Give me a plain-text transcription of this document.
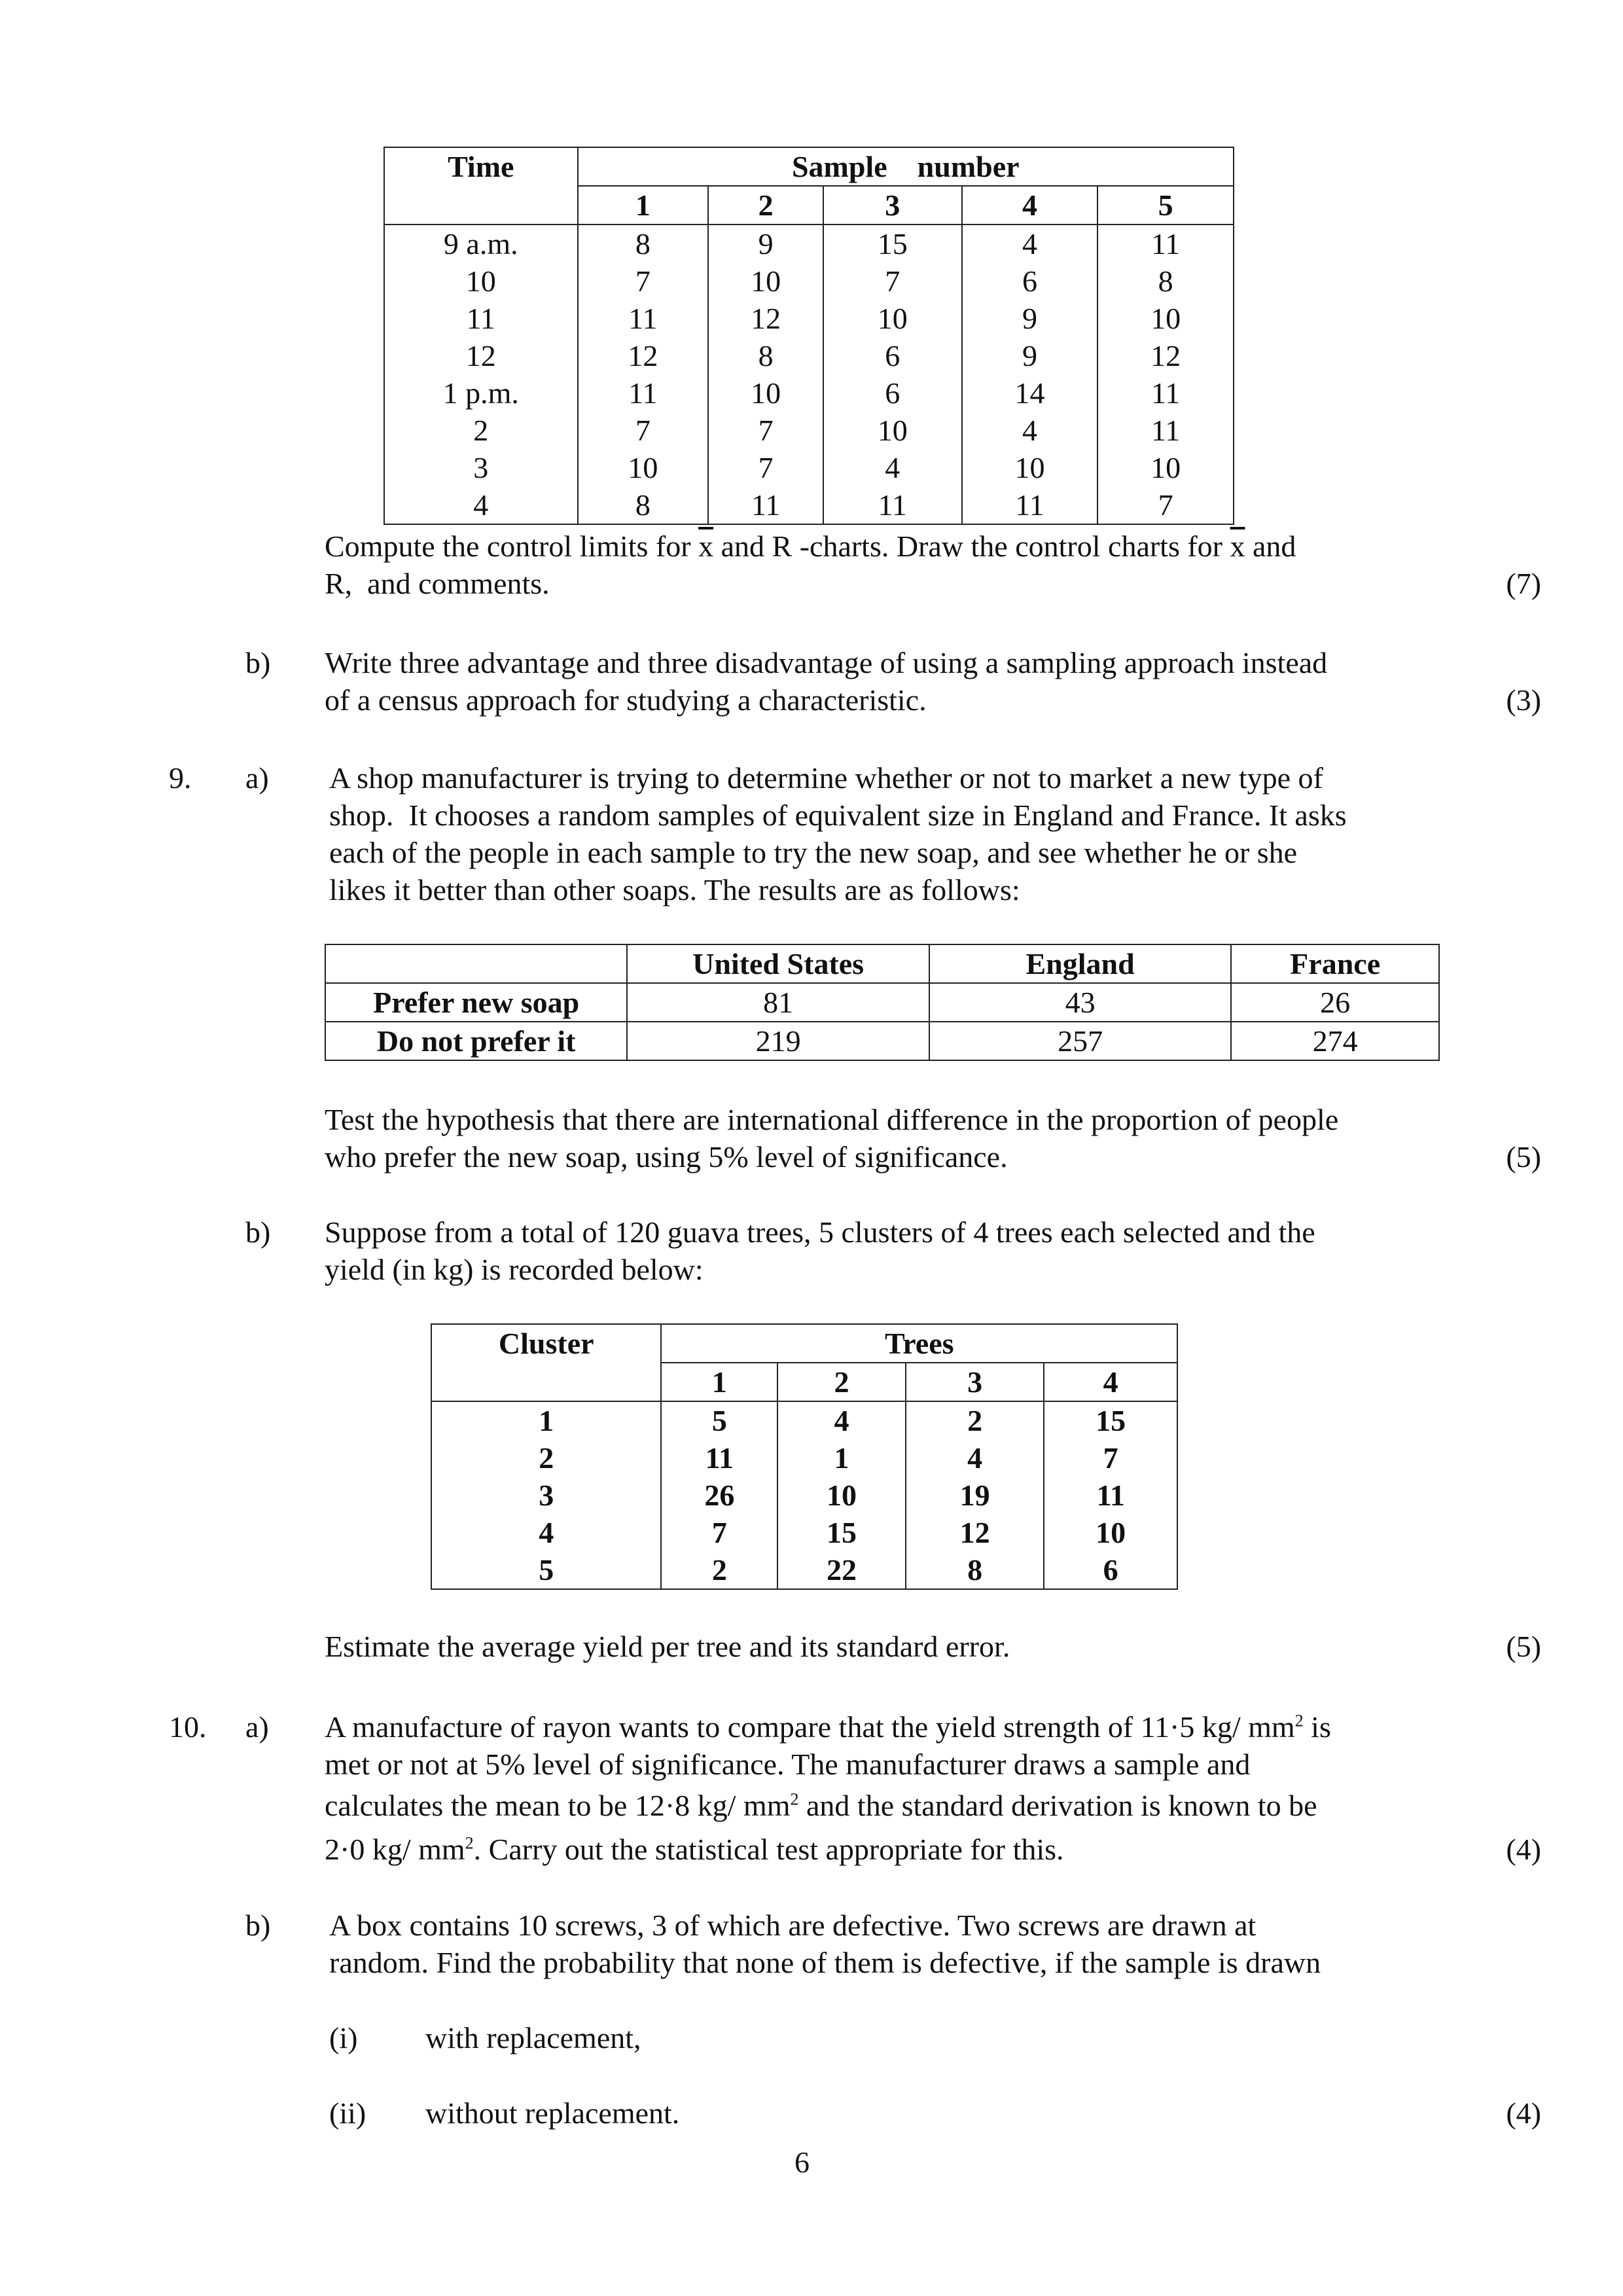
Time	Sample    number				
	1	2	3	4	5
9 a.m.	8	9	15	4	11
10	7	10	7	6	8
11	11	12	10	9	10
12	12	8	6	9	12
1 p.m.	11	10	6	14	11
2	7	7	10	4	11
3	10	7	4	10	10
4	8	11	11	11	7
Compute the control limits for $\overline{x}$ and R -charts. Draw the control charts for $\overline{x}$ and
R,  and comments.	(7)
b) Write three advantage and three disadvantage of using a sampling approach instead
of a census approach for studying a characteristic.	(3)
9. a) A shop manufacturer is trying to determine whether or not to market a new type of
shop.  It chooses a random samples of equivalent size in England and France. It asks
each of the people in each sample to try the new soap, and see whether he or she
likes it better than other soaps. The results are as follows:
	United States	England	France
Prefer new soap	81	43	26
Do not prefer it	219	257	274
Test the hypothesis that there are international difference in the proportion of people
who prefer the new soap, using 5% level of significance.	(5)
b) Suppose from a total of 120 guava trees, 5 clusters of 4 trees each selected and the
yield (in kg) is recorded below:
Cluster	Trees			
	1	2	3	4
1	5	4	2	15
2	11	1	4	7
3	26	10	19	11
4	7	15	12	10
5	2	22	8	6
Estimate the average yield per tree and its standard error.	(5)
10. a) A manufacture of rayon wants to compare that the yield strength of 11·5 kg/ $mm^2$ is
met or not at 5% level of significance. The manufacturer draws a sample and
calculates the mean to be 12·8 kg/ $mm^2$ and the standard derivation is known to be
2·0 kg/ $mm^2$. Carry out the statistical test appropriate for this.	(4)
b) A box contains 10 screws, 3 of which are defective. Two screws are drawn at
random. Find the probability that none of them is defective, if the sample is drawn
(i) with replacement,
(ii) without replacement.	(4)
6
